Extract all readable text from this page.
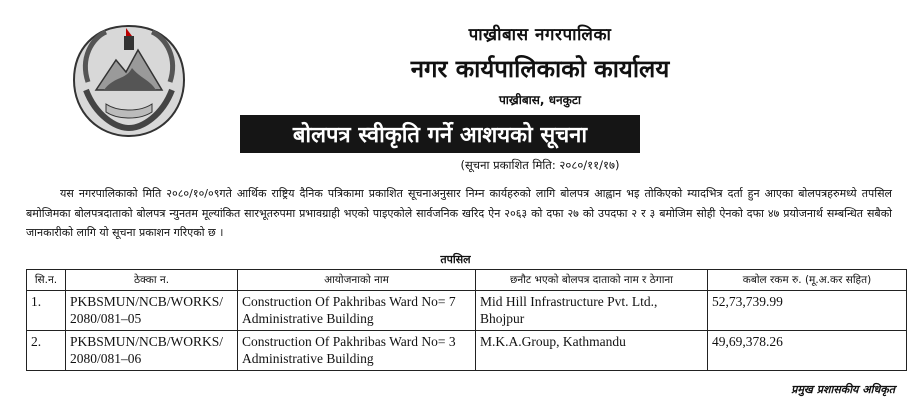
पाख्रीबास नगरपालिका
नगर कार्यपालिकाको कार्यालय
पाख्रीबास, धनकुटा
बोलपत्र स्वीकृति गर्ने आशयको सूचना
(सूचना प्रकाशित मिति: २०८०/११/१७)
यस नगरपालिकाको मिति २०८०/१०/०९गते आर्थिक राष्ट्रिय दैनिक पत्रिकामा प्रकाशित सूचनाअनुसार निम्न कार्यहरुको लागि बोलपत्र आह्वान भइ तोकिएको म्यादभित्र दर्ता हुन आएका बोलपत्रहरुमध्ये तपसिल बमोजिमका बोलपत्रदाताको बोलपत्र न्युनतम मूल्यांकित सारभूतरुपमा प्रभावग्राही भएको पाइएकोले सार्वजनिक खरिद ऐन २०६३ को दफा २७ को उपदफा २ र ३ बमोजिम सोही ऐनको दफा ४७ प्रयोजनार्थ सम्बन्धित सबैको जानकारीको लागि यो सूचना प्रकाशन गरिएको छ ।
तपसिल
सि.न.	ठेक्का न.	आयोजनाको नाम	छनौट भएको बोलपत्र दाताको नाम र ठेगाना	कबोल रकम रु. (मू.अ.कर सहित)
1.	PKBSMUN/NCB/WORKS/ 2080/081–05	Construction Of Pakhribas Ward No= 7 Administrative Building	Mid Hill Infrastructure Pvt. Ltd., Bhojpur	52,73,739.99
2.	PKBSMUN/NCB/WORKS/ 2080/081–06	Construction Of Pakhribas Ward No= 3 Administrative Building	M.K.A.Group, Kathmandu	49,69,378.26
प्रमुख प्रशासकीय अधिकृत
